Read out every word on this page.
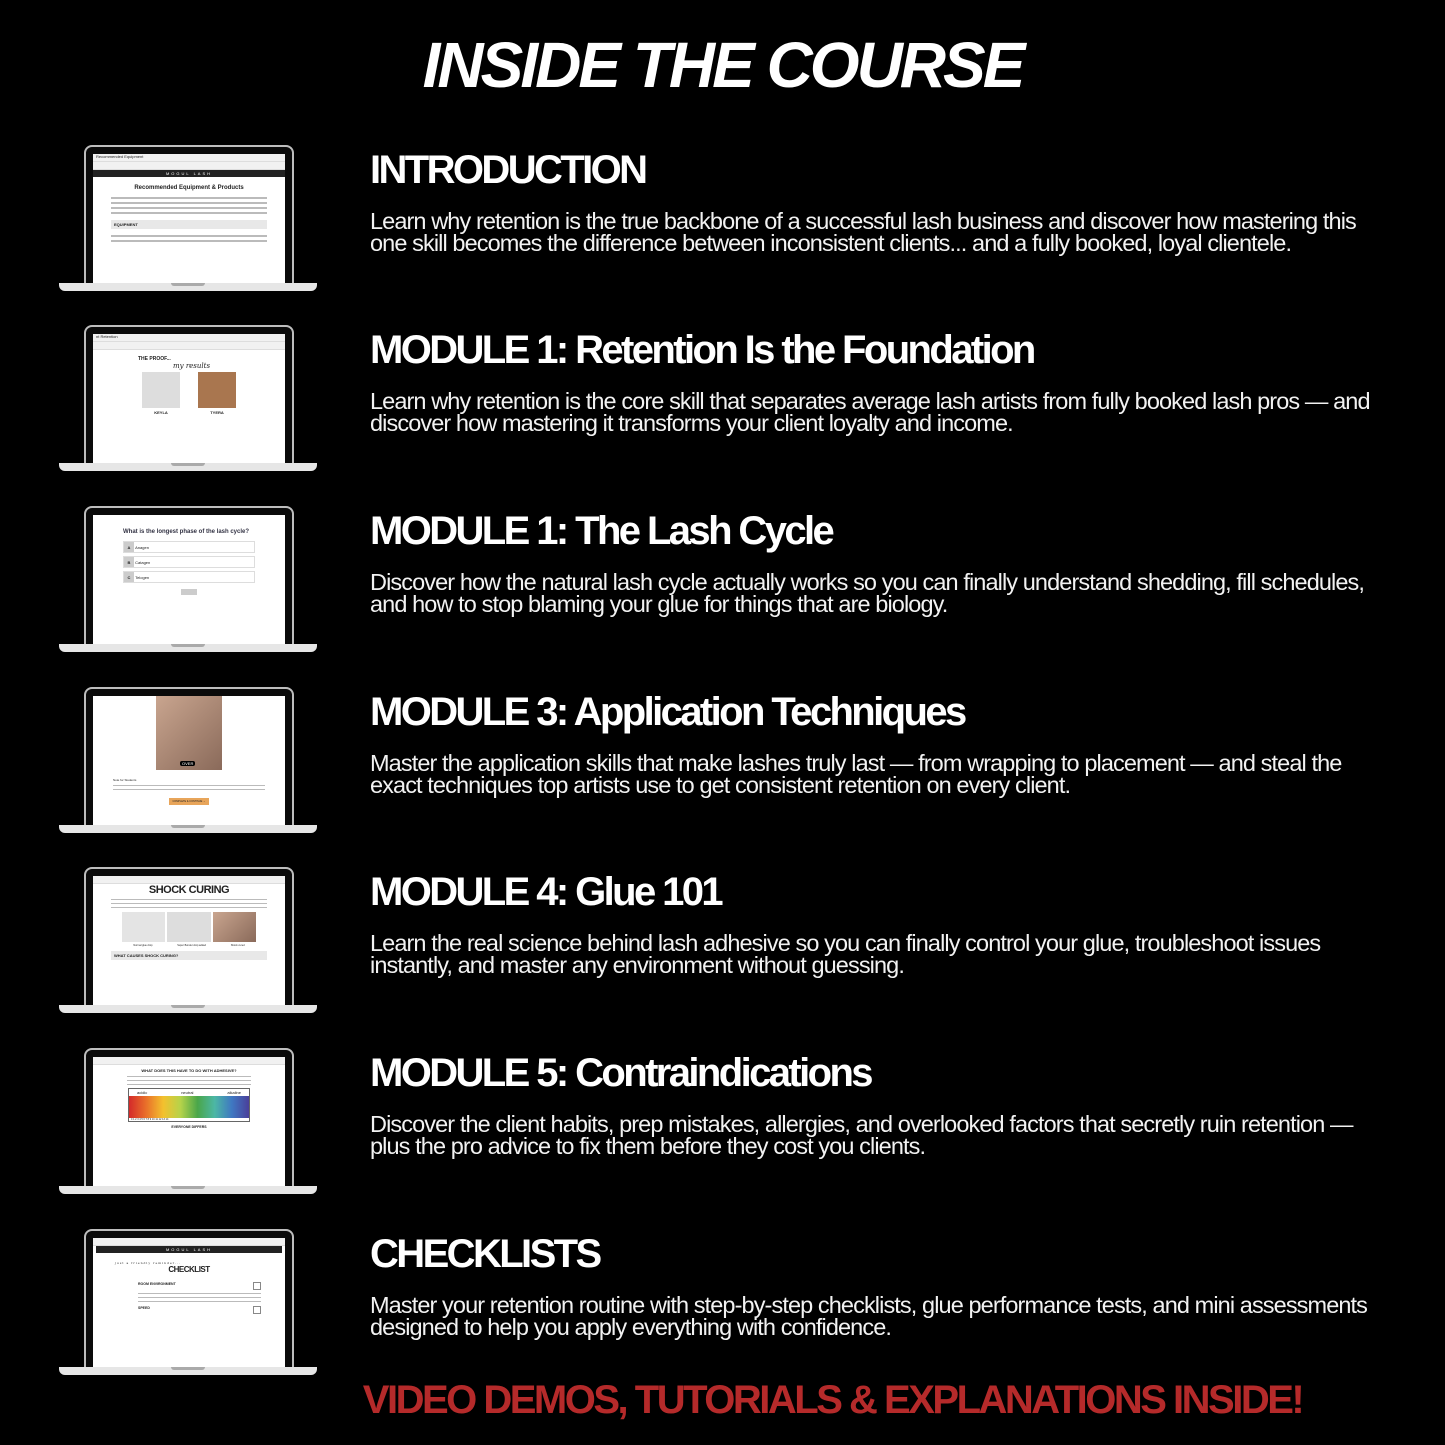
INSIDE THE COURSE
Recommended Equipment
MOGUL LASH
Recommended Equipment & Products
EQUIPMENT
INTRODUCTION
Learn why retention is the true backbone of a successful lash business and discover how mastering this one skill becomes the difference between inconsistent clients... and a fully booked, loyal clientele.
nt Retention
THE PROOF...
my results
KEYLA	TYERA
MODULE 1: Retention Is the Foundation
Learn why retention is the core skill that separates average lash artists from fully booked lash pros — and discover how mastering it transforms your client loyalty and income.
What is the longest phase of the lash cycle?
A
	Anagen
B
	Catagen
C
	Telogen
MODULE 1: The Lash Cycle
Discover how the natural lash cycle actually works so you can finally understand shedding, fill schedules, and how to stop blaming your glue for things that are biology.
OVER
Note for Students
COMPLETE & CONTINUE →
MODULE 3: Application Techniques
Master the application skills that make lashes truly last — from wrapping to placement — and steal the exact techniques top artists use to get consistent retention on every client.
SHOCK CURING
Normal glue drop	Super Bonder drop added	Shock cured
WHAT CAUSES SHOCK CURING?
MODULE 4: Glue 101
Learn the real science behind lash adhesive so you can finally control your glue, troubleshoot issues instantly, and master any environment without guessing.
WHAT DOES THIS HAVE TO DO WITH ADHESIVE?
acidic	neutral	alkaline
0 1 2 3 4 5 6 7 8 9 10 11 12 13 14
EVERYONE DIFFERS
MODULE 5: Contraindications
Discover the client habits, prep mistakes, allergies, and overlooked factors that secretly ruin retention — plus the pro advice to fix them before they cost you clients.
MOGUL LASH
just a friendly reminder...
CHECKLIST
ROOM ENVIRONMENT
SPEED
CHECKLISTS
Master your retention routine with step-by-step checklists, glue performance tests, and mini assessments designed to help you apply everything with confidence.
VIDEO DEMOS, TUTORIALS & EXPLANATIONS INSIDE!
